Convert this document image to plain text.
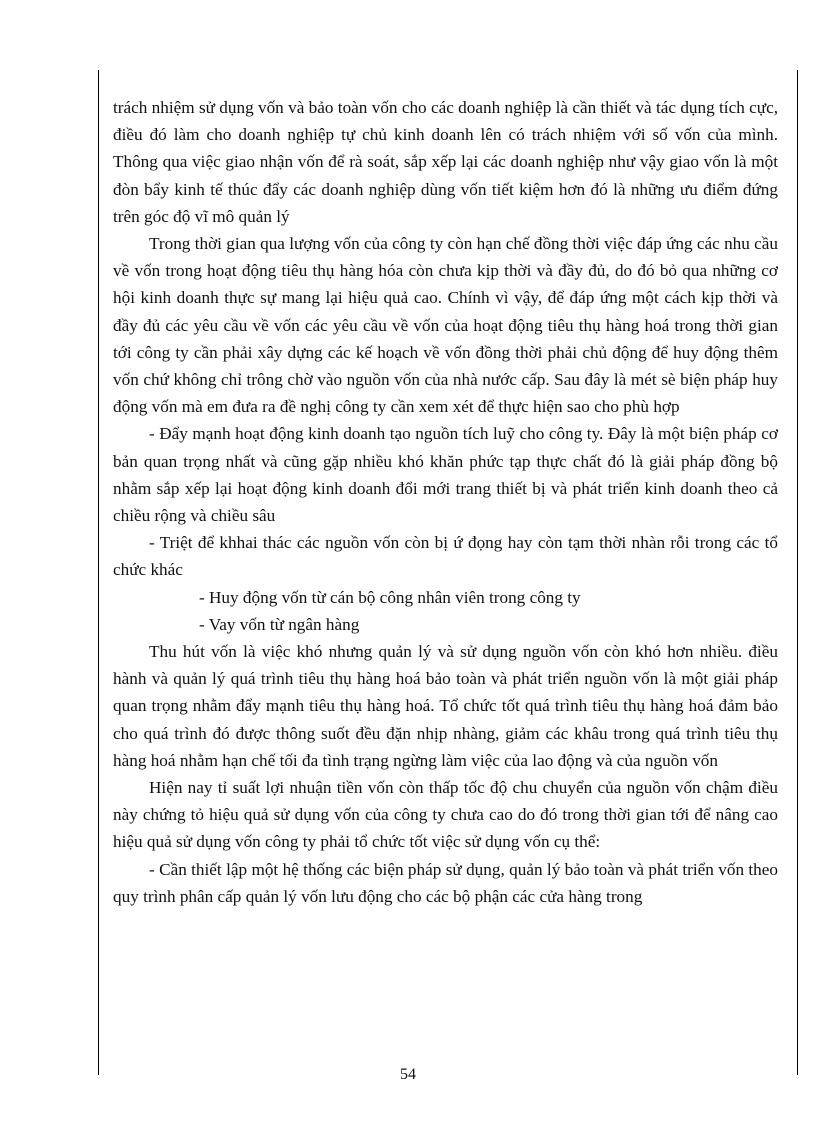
trách nhiệm sử dụng vốn và bảo toàn vốn cho các doanh nghiệp là cần thiết và tác dụng tích cực, điều đó làm cho doanh nghiệp tự chủ kinh doanh lên có trách nhiệm với số vốn của mình. Thông qua việc giao nhận vốn để rà soát, sắp xếp lại các doanh nghiệp như vậy giao vốn là một đòn bẩy kinh tế thúc đẩy các doanh nghiệp dùng vốn tiết kiệm hơn đó là những ưu điểm đứng trên góc độ vĩ mô quản lý

Trong thời gian qua lượng vốn của công ty còn hạn chế đồng thời việc đáp ứng các nhu cầu về vốn trong hoạt động tiêu thụ hàng hóa còn chưa kịp thời và đầy đủ, do đó bỏ qua những cơ hội kinh doanh thực sự mang lại hiệu quả cao. Chính vì vậy, để đáp ứng một cách kịp thời và đầy đủ các yêu cầu về vốn các yêu cầu về vốn của hoạt động tiêu thụ hàng hoá trong thời gian tới công ty cần phải xây dựng các kế hoạch về vốn đồng thời phải chủ động để huy động thêm vốn chứ không chỉ trông chờ vào nguồn vốn của nhà nước cấp. Sau đây là mét sè biện pháp huy động vốn mà em đưa ra đề nghị công ty cần xem xét để thực hiện sao cho phù hợp

- Đẩy mạnh hoạt động kinh doanh tạo nguồn tích luỹ cho công ty. Đây là một biện pháp cơ bản quan trọng nhất và cũng gặp nhiều khó khăn phức tạp thực chất đó là giải pháp đồng bộ nhằm sắp xếp lại hoạt động kinh doanh đổi mới trang thiết bị và phát triển kinh doanh theo cả chiều rộng và chiều sâu

- Triệt để khhai thác các nguồn vốn còn bị ứ đọng hay còn tạm thời nhàn rỗi trong các tổ chức khác

- Huy động vốn từ cán bộ công nhân viên trong công ty

- Vay vốn từ ngân hàng

Thu hút vốn là việc khó nhưng quản lý và sử dụng nguồn vốn còn khó hơn nhiều. điều hành và quản lý quá trình tiêu thụ hàng hoá bảo toàn và phát triển nguồn vốn là một giải pháp quan trọng nhằm đẩy mạnh tiêu thụ hàng hoá. Tổ chức tốt quá trình tiêu thụ hàng hoá đảm bảo cho quá trình đó được thông suốt đều đặn nhịp nhàng, giảm các khâu trong quá trình tiêu thụ hàng hoá nhằm hạn chế tối đa tình trạng ngừng làm việc của lao động và của nguồn vốn

Hiện nay tỉ suất lợi nhuận tiền vốn còn thấp tốc độ chu chuyển của nguồn vốn chậm điều này chứng tỏ hiệu quả sử dụng vốn của công ty chưa cao do đó trong thời gian tới để nâng cao hiệu quả sử dụng vốn công ty phải tổ chức tốt việc sử dụng vốn cụ thể:

- Cần thiết lập một hệ thống các biện pháp sử dụng, quản lý bảo toàn và phát triển vốn theo quy trình phân cấp quản lý vốn lưu động cho các bộ phận các cửa hàng trong

54
